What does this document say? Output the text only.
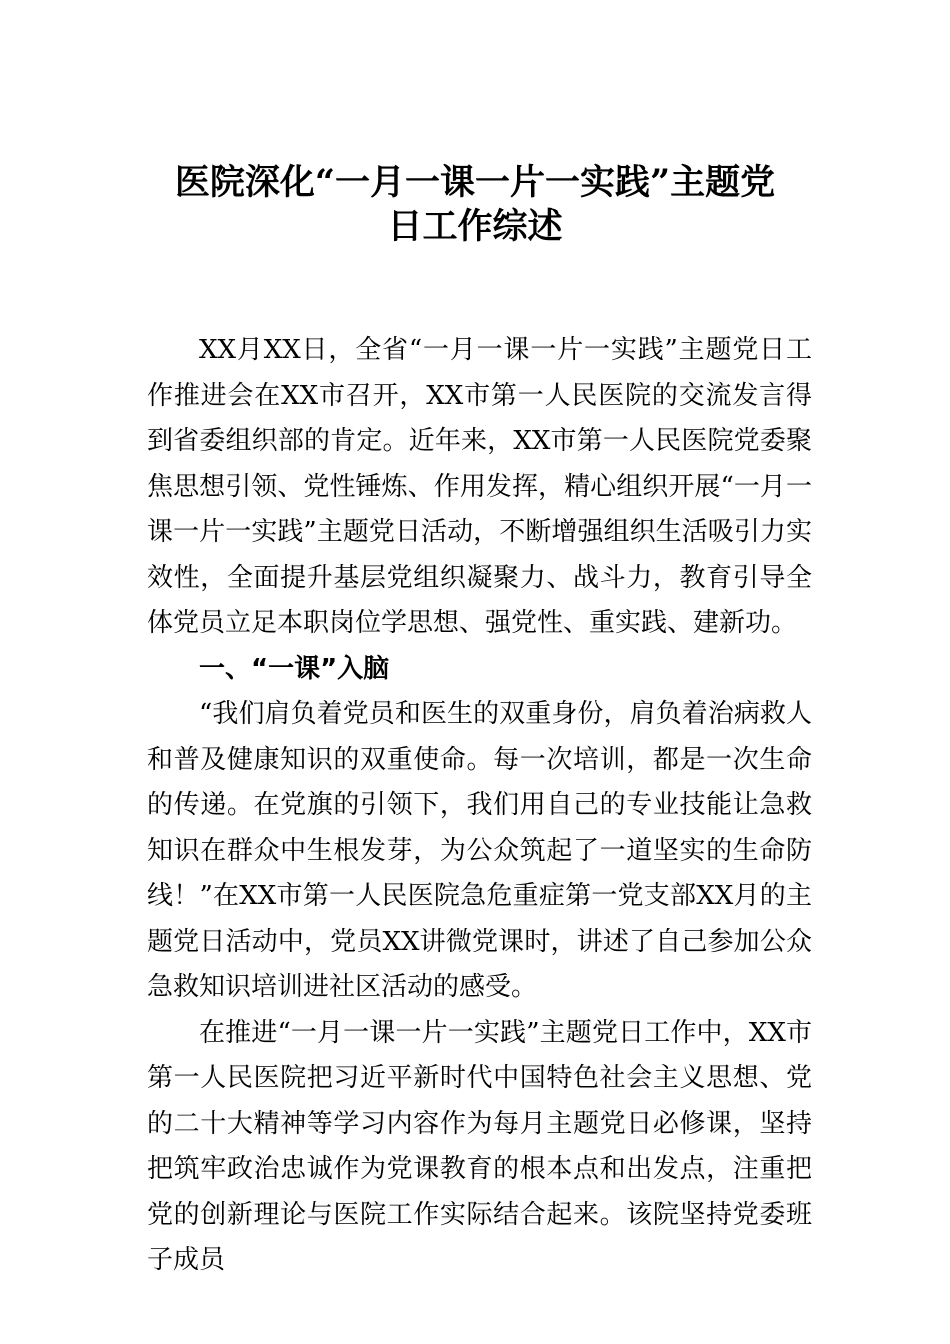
医院深化“一月一课一片一实践”主题党
日工作综述

XX月XX日，全省“一月一课一片一实践”主题党日工作推进会在XX市召开，XX市第一人民医院的交流发言得到省委组织部的肯定。近年来，XX市第一人民医院党委聚焦思想引领、党性锤炼、作用发挥，精心组织开展“一月一课一片一实践”主题党日活动，不断增强组织生活吸引力实效性，全面提升基层党组织凝聚力、战斗力，教育引导全体党员立足本职岗位学思想、强党性、重实践、建新功。

一、“一课”入脑

“我们肩负着党员和医生的双重身份，肩负着治病救人和普及健康知识的双重使命。每一次培训，都是一次生命的传递。在党旗的引领下，我们用自己的专业技能让急救知识在群众中生根发芽，为公众筑起了一道坚实的生命防线！”在XX市第一人民医院急危重症第一党支部XX月的主题党日活动中，党员XX讲微党课时，讲述了自己参加公众急救知识培训进社区活动的感受。

在推进“一月一课一片一实践”主题党日工作中，XX市第一人民医院把习近平新时代中国特色社会主义思想、党的二十大精神等学习内容作为每月主题党日必修课，坚持把筑牢政治忠诚作为党课教育的根本点和出发点，注重把党的创新理论与医院工作实际结合起来。该院坚持党委班子成员
